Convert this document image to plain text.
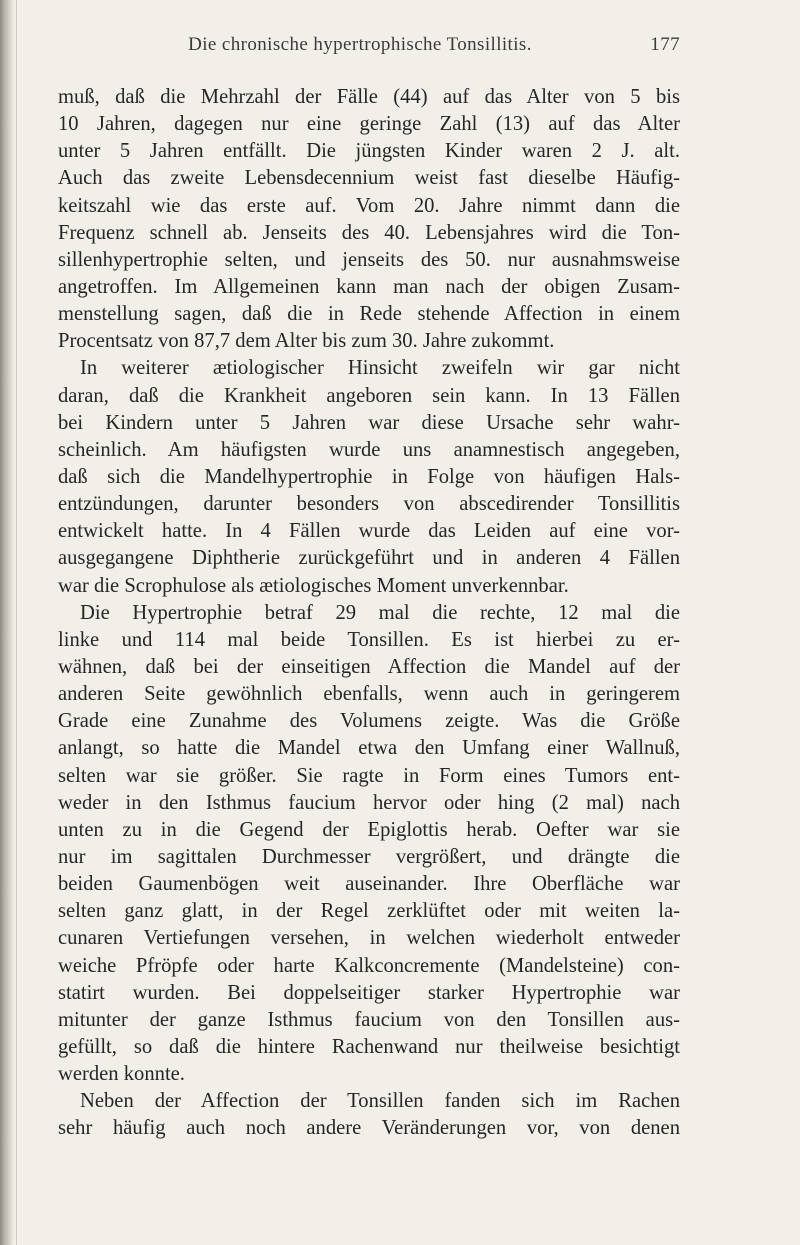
Die chronische hypertrophische Tonsillitis.	177
muß, daß die Mehrzahl der Fälle (44) auf das Alter von 5 bis
10 Jahren, dagegen nur eine geringe Zahl (13) auf das Alter
unter 5 Jahren entfällt. Die jüngsten Kinder waren 2 J. alt.
Auch das zweite Lebensdecennium weist fast dieselbe Häufig-
keitszahl wie das erste auf. Vom 20. Jahre nimmt dann die
Frequenz schnell ab. Jenseits des 40. Lebensjahres wird die Ton-
sillenhypertrophie selten, und jenseits des 50. nur ausnahmsweise
angetroffen. Im Allgemeinen kann man nach der obigen Zusam-
menstellung sagen, daß die in Rede stehende Affection in einem
Procentsatz von 87,7 dem Alter bis zum 30. Jahre zukommt.
In weiterer ætiologischer Hinsicht zweifeln wir gar nicht
daran, daß die Krankheit angeboren sein kann. In 13 Fällen
bei Kindern unter 5 Jahren war diese Ursache sehr wahr-
scheinlich. Am häufigsten wurde uns anamnestisch angegeben,
daß sich die Mandelhypertrophie in Folge von häufigen Hals-
entzündungen, darunter besonders von abscedirender Tonsillitis
entwickelt hatte. In 4 Fällen wurde das Leiden auf eine vor-
ausgegangene Diphtherie zurückgeführt und in anderen 4 Fällen
war die Scrophulose als ætiologisches Moment unverkennbar.
Die Hypertrophie betraf 29 mal die rechte, 12 mal die
linke und 114 mal beide Tonsillen. Es ist hierbei zu er-
wähnen, daß bei der einseitigen Affection die Mandel auf der
anderen Seite gewöhnlich ebenfalls, wenn auch in geringerem
Grade eine Zunahme des Volumens zeigte. Was die Größe
anlangt, so hatte die Mandel etwa den Umfang einer Wallnuß,
selten war sie größer. Sie ragte in Form eines Tumors ent-
weder in den Isthmus faucium hervor oder hing (2 mal) nach
unten zu in die Gegend der Epiglottis herab. Oefter war sie
nur im sagittalen Durchmesser vergrößert, und drängte die
beiden Gaumenbögen weit auseinander. Ihre Oberfläche war
selten ganz glatt, in der Regel zerklüftet oder mit weiten la-
cunaren Vertiefungen versehen, in welchen wiederholt entweder
weiche Pfröpfe oder harte Kalkconcremente (Mandelsteine) con-
statirt wurden. Bei doppelseitiger starker Hypertrophie war
mitunter der ganze Isthmus faucium von den Tonsillen aus-
gefüllt, so daß die hintere Rachenwand nur theilweise besichtigt
werden konnte.
Neben der Affection der Tonsillen fanden sich im Rachen
sehr häufig auch noch andere Veränderungen vor, von denen
